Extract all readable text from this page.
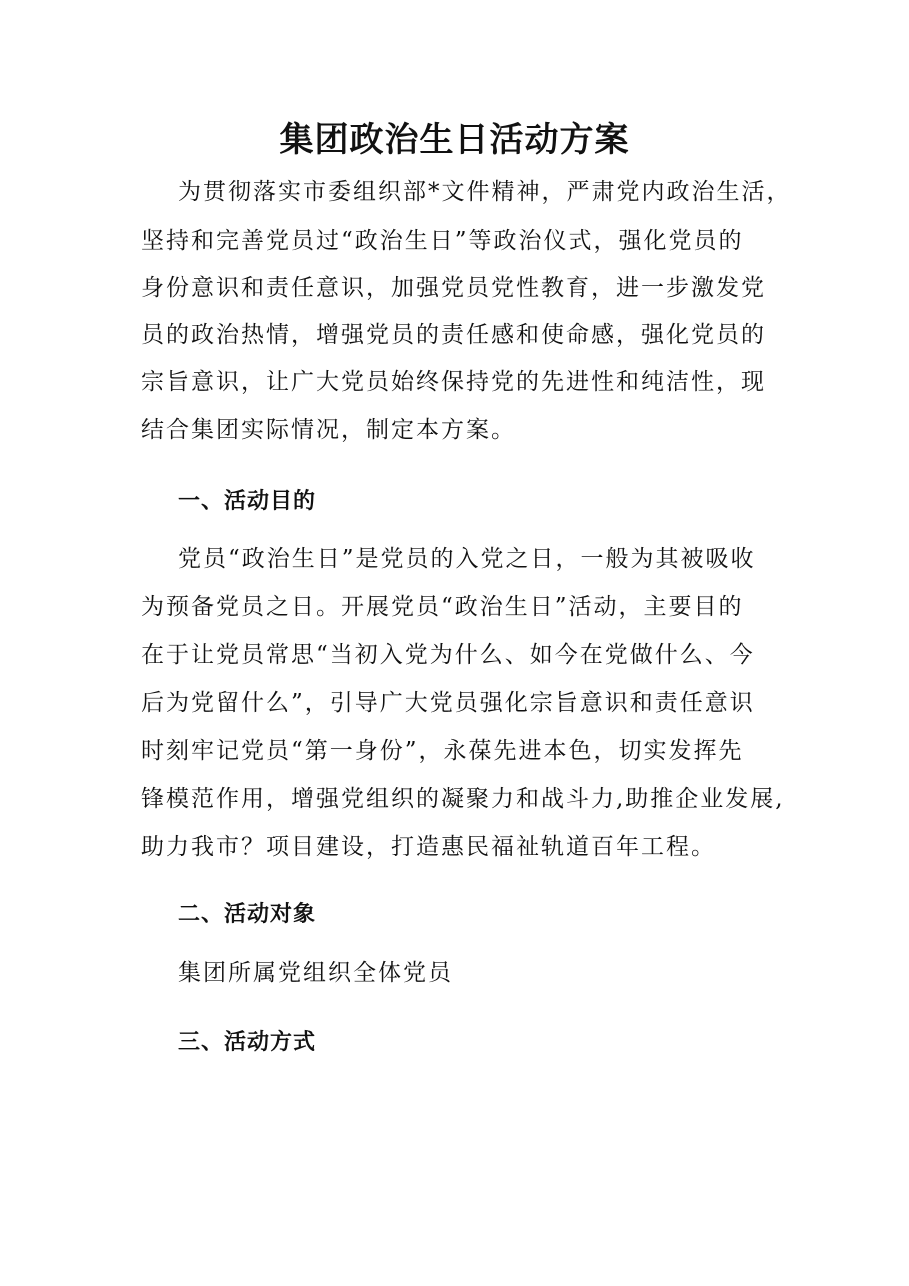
集团政治生日活动方案
为贯彻落实市委组织部*文件精神，严肃党内政治生活，
坚持和完善党员过“政治生日”等政治仪式，强化党员的
身份意识和责任意识，加强党员党性教育，进一步激发党
员的政治热情，增强党员的责任感和使命感，强化党员的
宗旨意识，让广大党员始终保持党的先进性和纯洁性，现
结合集团实际情况，制定本方案。
一、活动目的
党员“政治生日”是党员的入党之日，一般为其被吸收
为预备党员之日。开展党员“政治生日”活动，主要目的
在于让党员常思“当初入党为什么、如今在党做什么、今
后为党留什么”，引导广大党员强化宗旨意识和责任意识
时刻牢记党员“第一身份”，永葆先进本色，切实发挥先
锋模范作用，增强党组织的凝聚力和战斗力,助推企业发展,
助力我市？项目建设，打造惠民福祉轨道百年工程。
二、活动对象
集团所属党组织全体党员
三、活动方式
